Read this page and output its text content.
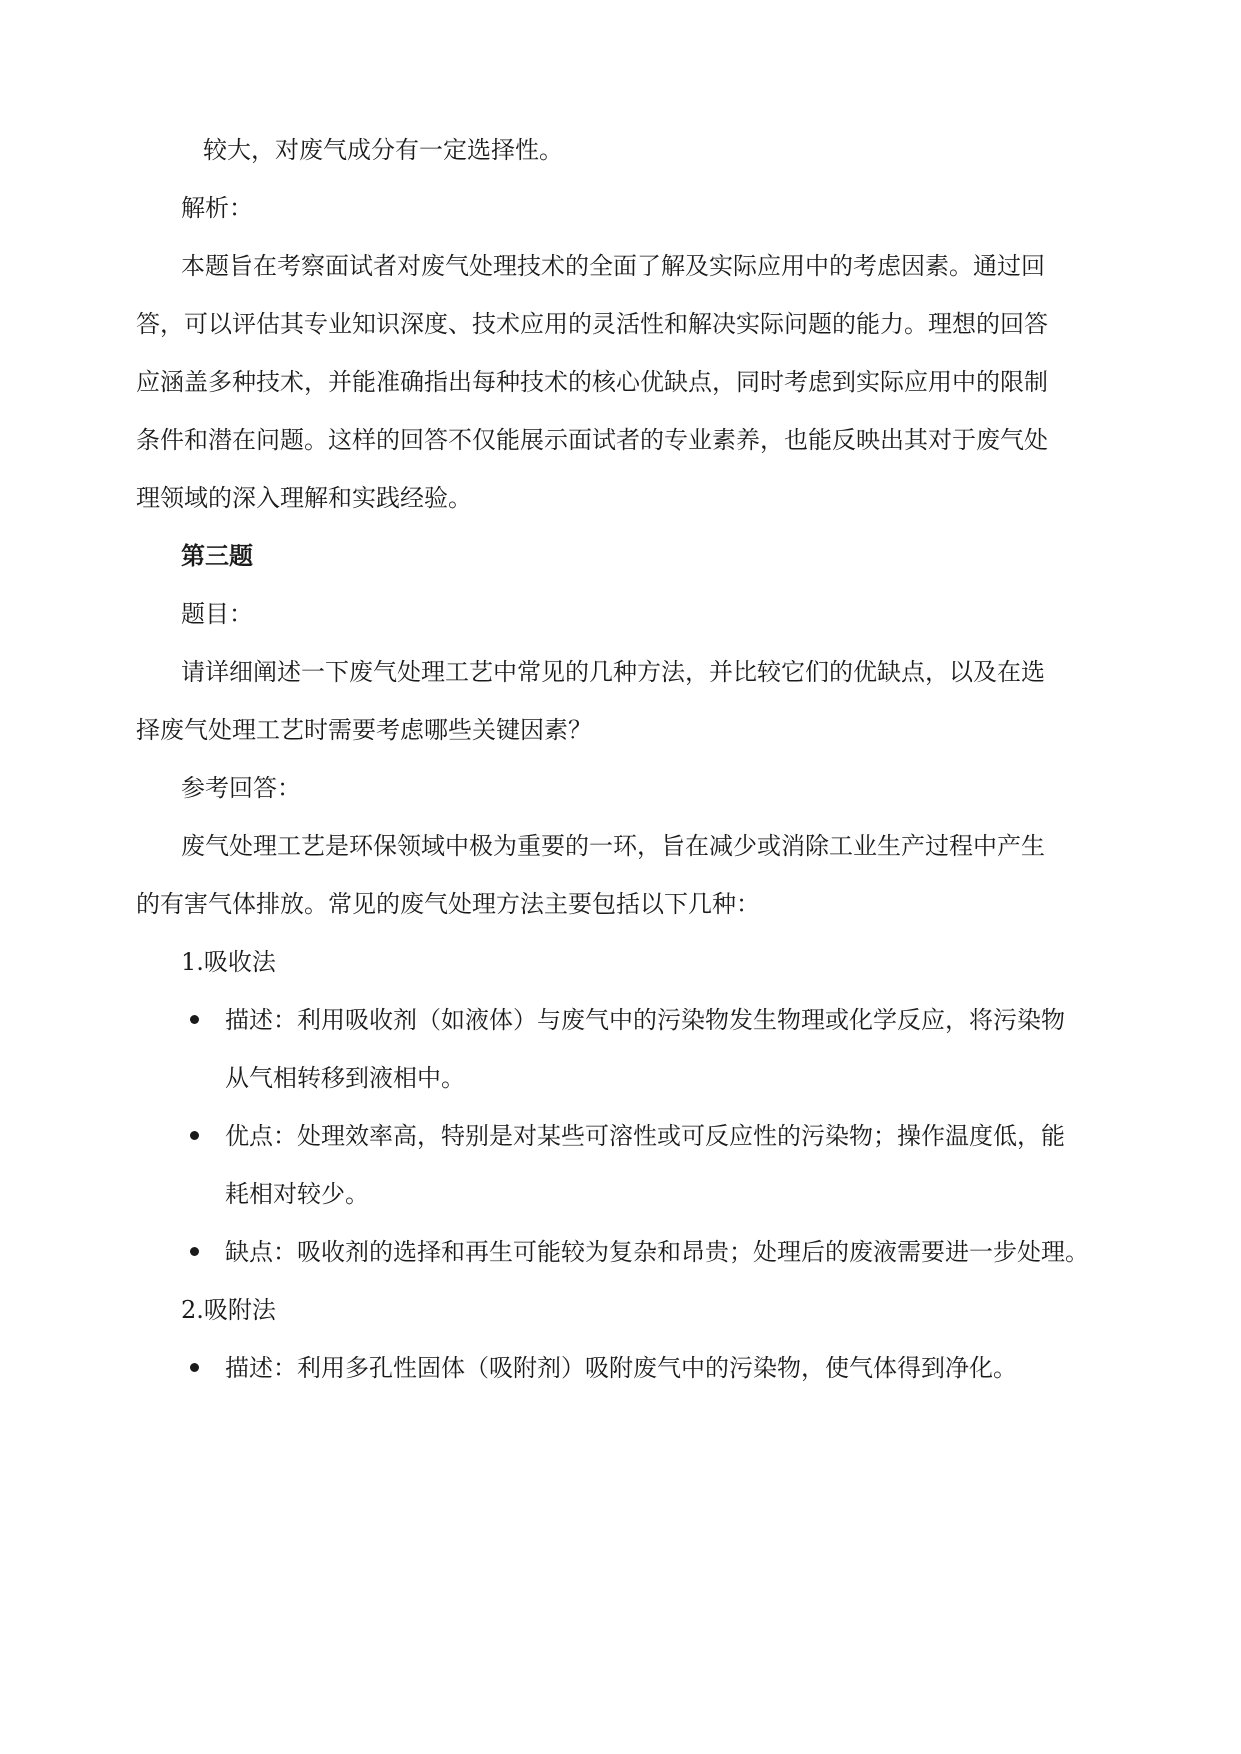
较大，对废气成分有一定选择性。
解析：
本题旨在考察面试者对废气处理技术的全面了解及实际应用中的考虑因素。通过回
答，可以评估其专业知识深度、技术应用的灵活性和解决实际问题的能力。理想的回答
应涵盖多种技术，并能准确指出每种技术的核心优缺点，同时考虑到实际应用中的限制
条件和潜在问题。这样的回答不仅能展示面试者的专业素养，也能反映出其对于废气处
理领域的深入理解和实践经验。
第三题
题目：
请详细阐述一下废气处理工艺中常见的几种方法，并比较它们的优缺点，以及在选
择废气处理工艺时需要考虑哪些关键因素？
参考回答：
废气处理工艺是环保领域中极为重要的一环，旨在减少或消除工业生产过程中产生
的有害气体排放。常见的废气处理方法主要包括以下几种：
1.吸收法
描述：利用吸收剂（如液体）与废气中的污染物发生物理或化学反应，将污染物
从气相转移到液相中。
优点：处理效率高，特别是对某些可溶性或可反应性的污染物；操作温度低，能
耗相对较少。
缺点：吸收剂的选择和再生可能较为复杂和昂贵；处理后的废液需要进一步处理。
2.吸附法
描述：利用多孔性固体（吸附剂）吸附废气中的污染物，使气体得到净化。
